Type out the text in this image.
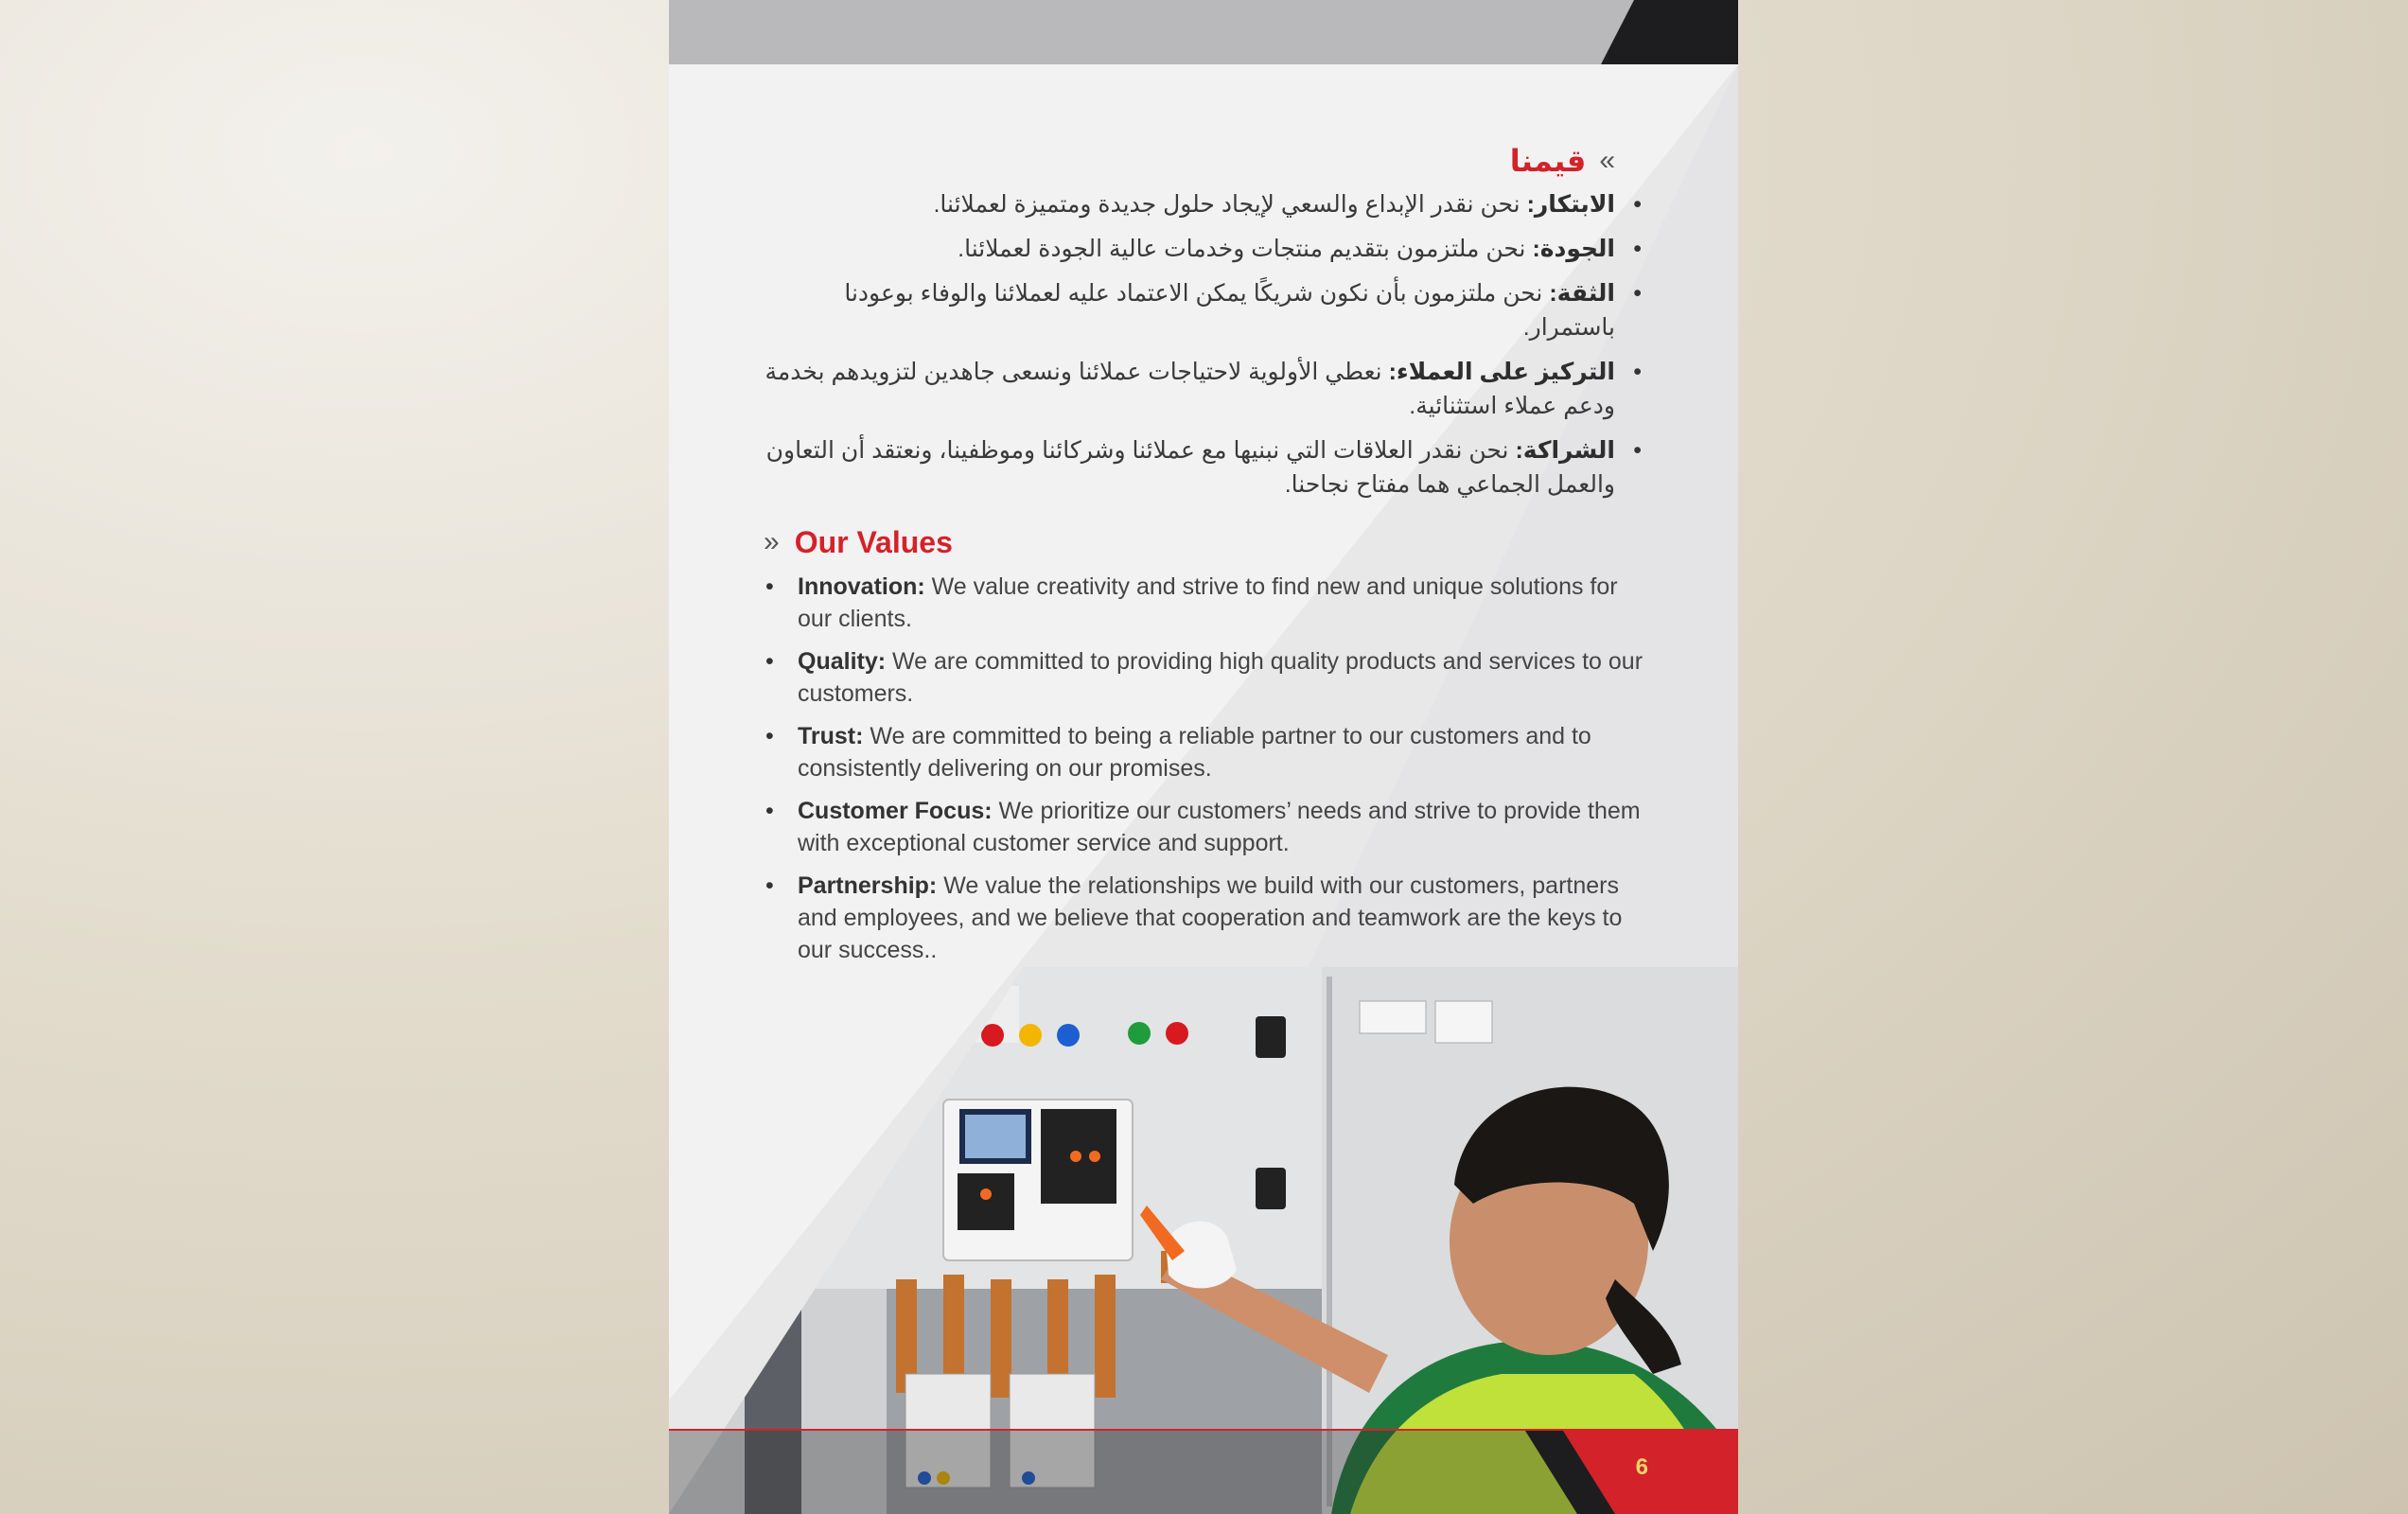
»
قيمنا
• الابتكار: نحن نقدر الإبداع والسعي لإيجاد حلول جديدة ومتميزة لعملائنا.
• الجودة: نحن ملتزمون بتقديم منتجات وخدمات عالية الجودة لعملائنا.
• الثقة: نحن ملتزمون بأن نكون شريكًا يمكن الاعتماد عليه لعملائنا والوفاء بوعودنا باستمرار.
• التركيز على العملاء: نعطي الأولوية لاحتياجات عملائنا ونسعى جاهدين لتزويدهم بخدمة ودعم عملاء استثنائية.
• الشراكة: نحن نقدر العلاقات التي نبنيها مع عملائنا وشركائنا وموظفينا، ونعتقد أن التعاون والعمل الجماعي هما مفتاح نجاحنا.
» Our Values
• Innovation: We value creativity and strive to find new and unique solutions for our clients.
• Quality: We are committed to providing high quality products and services to our customers.
• Trust: We are committed to being a reliable partner to our customers and to consistently delivering on our promises.
• Customer Focus: We prioritize our customers’ needs and strive to provide them with exceptional customer service and support.
• Partnership: We value the relationships we build with our customers, partners and employees, and we believe that cooperation and teamwork are the keys to our success..
6
